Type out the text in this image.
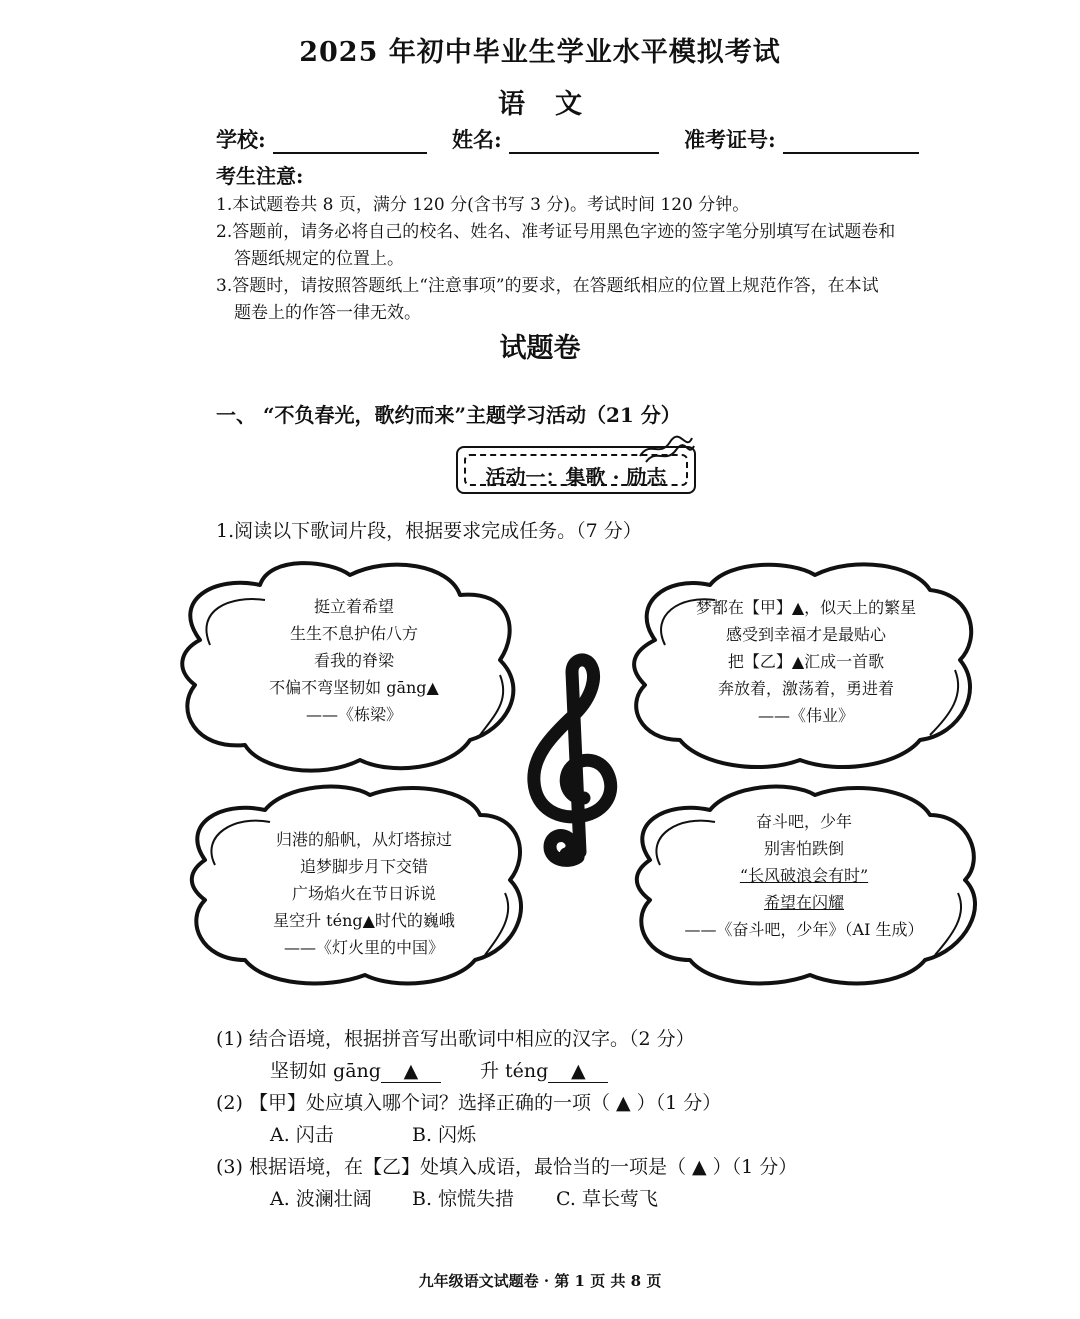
2025 年初中毕业生学业水平模拟考试
语文
学校:	姓名:	准考证号:
考生注意:
1.本试题卷共 8 页，满分 120 分(含书写 3 分)。考试时间 120 分钟。
2.答题前，请务必将自己的校名、姓名、准考证号用黑色字迹的签字笔分别填写在试题卷和
答题纸规定的位置上。
3.答题时，请按照答题纸上“注意事项”的要求，在答题纸相应的位置上规范作答，在本试
题卷上的作答一律无效。
试题卷
一、 “不负春光，歌约而来”主题学习活动（21 分）
活动一：集歌 · 励志
1.阅读以下歌词片段，根据要求完成任务。（7 分）
挺立着希望
生生不息护佑八方
看我的脊梁
不偏不弯坚韧如 gāng▲
——《栋梁》
梦都在【甲】▲，似天上的繁星
感受到幸福才是最贴心
把【乙】▲汇成一首歌
奔放着，激荡着，勇进着
——《伟业》
归港的船帆，从灯塔掠过
追梦脚步月下交错
广场焰火在节日诉说
星空升 téng▲时代的巍峨
——《灯火里的中国》
奋斗吧，少年
别害怕跌倒
“长风破浪会有时”
希望在闪耀
——《奋斗吧，少年》（AI 生成）
(1) 结合语境，根据拼音写出歌词中相应的汉字。（2 分）
坚韧如 gāng ▲	升 téng ▲
(2) 【甲】处应填入哪个词？选择正确的一项（ ▲ ）（1 分）
A. 闪击	B. 闪烁
(3) 根据语境，在【乙】处填入成语，最恰当的一项是（ ▲ ）（1 分）
A. 波澜壮阔 B. 惊慌失措 C. 草长莺飞
九年级语文试题卷 · 第 1 页 共 8 页
